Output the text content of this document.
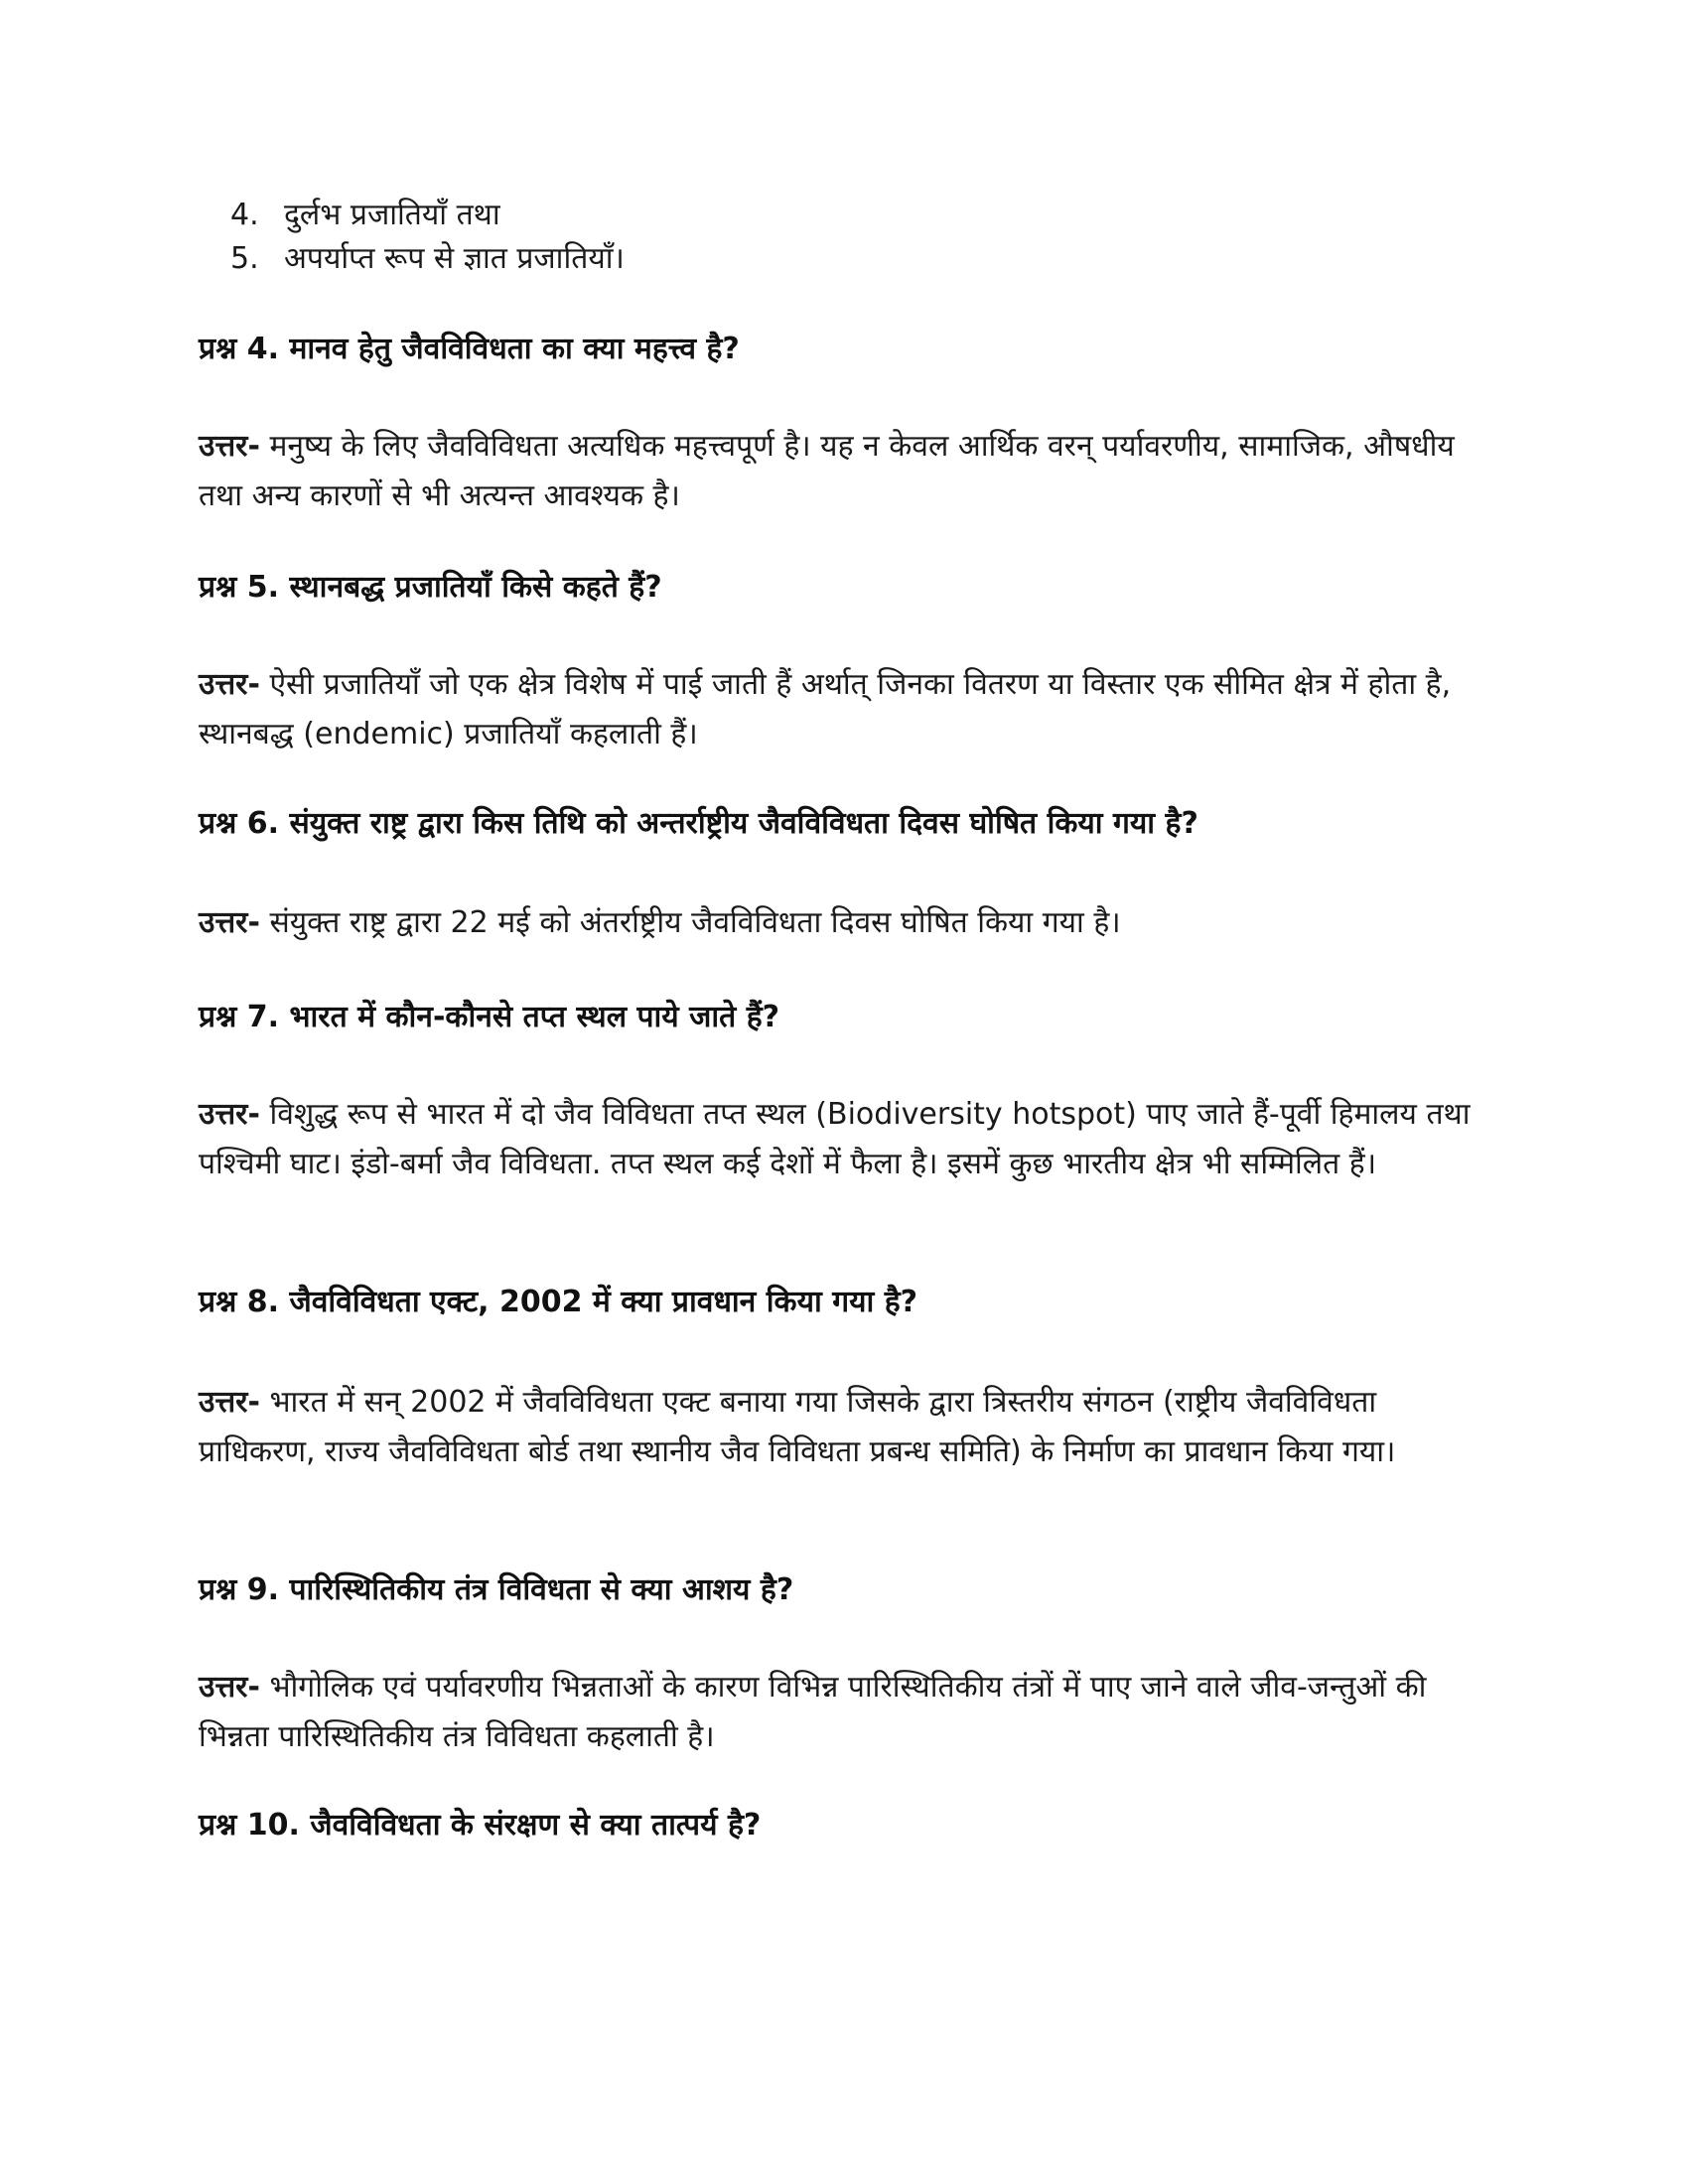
4. दुर्लभ प्रजातियाँ तथा
5. अपर्याप्त रूप से ज्ञात प्रजातियाँ।
प्रश्न 4. मानव हेतु जैवविविधता का क्या महत्त्व है?

उत्तर- मनुष्य के लिए जैवविविधता अत्यधिक महत्त्वपूर्ण है। यह न केवल आर्थिक वरन् पर्यावरणीय, सामाजिक, औषधीय तथा अन्य कारणों से भी अत्यन्त आवश्यक है।

प्रश्न 5. स्थानबद्ध प्रजातियाँ किसे कहते हैं?

उत्तर- ऐसी प्रजातियाँ जो एक क्षेत्र विशेष में पाई जाती हैं अर्थात् जिनका वितरण या विस्तार एक सीमित क्षेत्र में होता है, स्थानबद्ध (endemic) प्रजातियाँ कहलाती हैं।

प्रश्न 6. संयुक्त राष्ट्र द्वारा किस तिथि को अन्तर्राष्ट्रीय जैवविविधता दिवस घोषित किया गया है?

उत्तर- संयुक्त राष्ट्र द्वारा 22 मई को अंतर्राष्ट्रीय जैवविविधता दिवस घोषित किया गया है।

प्रश्न 7. भारत में कौन-कौनसे तप्त स्थल पाये जाते हैं?

उत्तर- विशुद्ध रूप से भारत में दो जैव विविधता तप्त स्थल (Biodiversity hotspot) पाए जाते हैं-पूर्वी हिमालय तथा पश्चिमी घाट। इंडो-बर्मा जैव विविधता. तप्त स्थल कई देशों में फैला है। इसमें कुछ भारतीय क्षेत्र भी सम्मिलित हैं।

प्रश्न 8. जैवविविधता एक्ट, 2002 में क्या प्रावधान किया गया है?

उत्तर- भारत में सन् 2002 में जैवविविधता एक्ट बनाया गया जिसके द्वारा त्रिस्तरीय संगठन (राष्ट्रीय जैवविविधता प्राधिकरण, राज्य जैवविविधता बोर्ड तथा स्थानीय जैव विविधता प्रबन्ध समिति) के निर्माण का प्रावधान किया गया।

प्रश्न 9. पारिस्थितिकीय तंत्र विविधता से क्या आशय है?

उत्तर- भौगोलिक एवं पर्यावरणीय भिन्नताओं के कारण विभिन्न पारिस्थितिकीय तंत्रों में पाए जाने वाले जीव-जन्तुओं की भिन्नता पारिस्थितिकीय तंत्र विविधता कहलाती है।

प्रश्न 10. जैवविविधता के संरक्षण से क्या तात्पर्य है?
